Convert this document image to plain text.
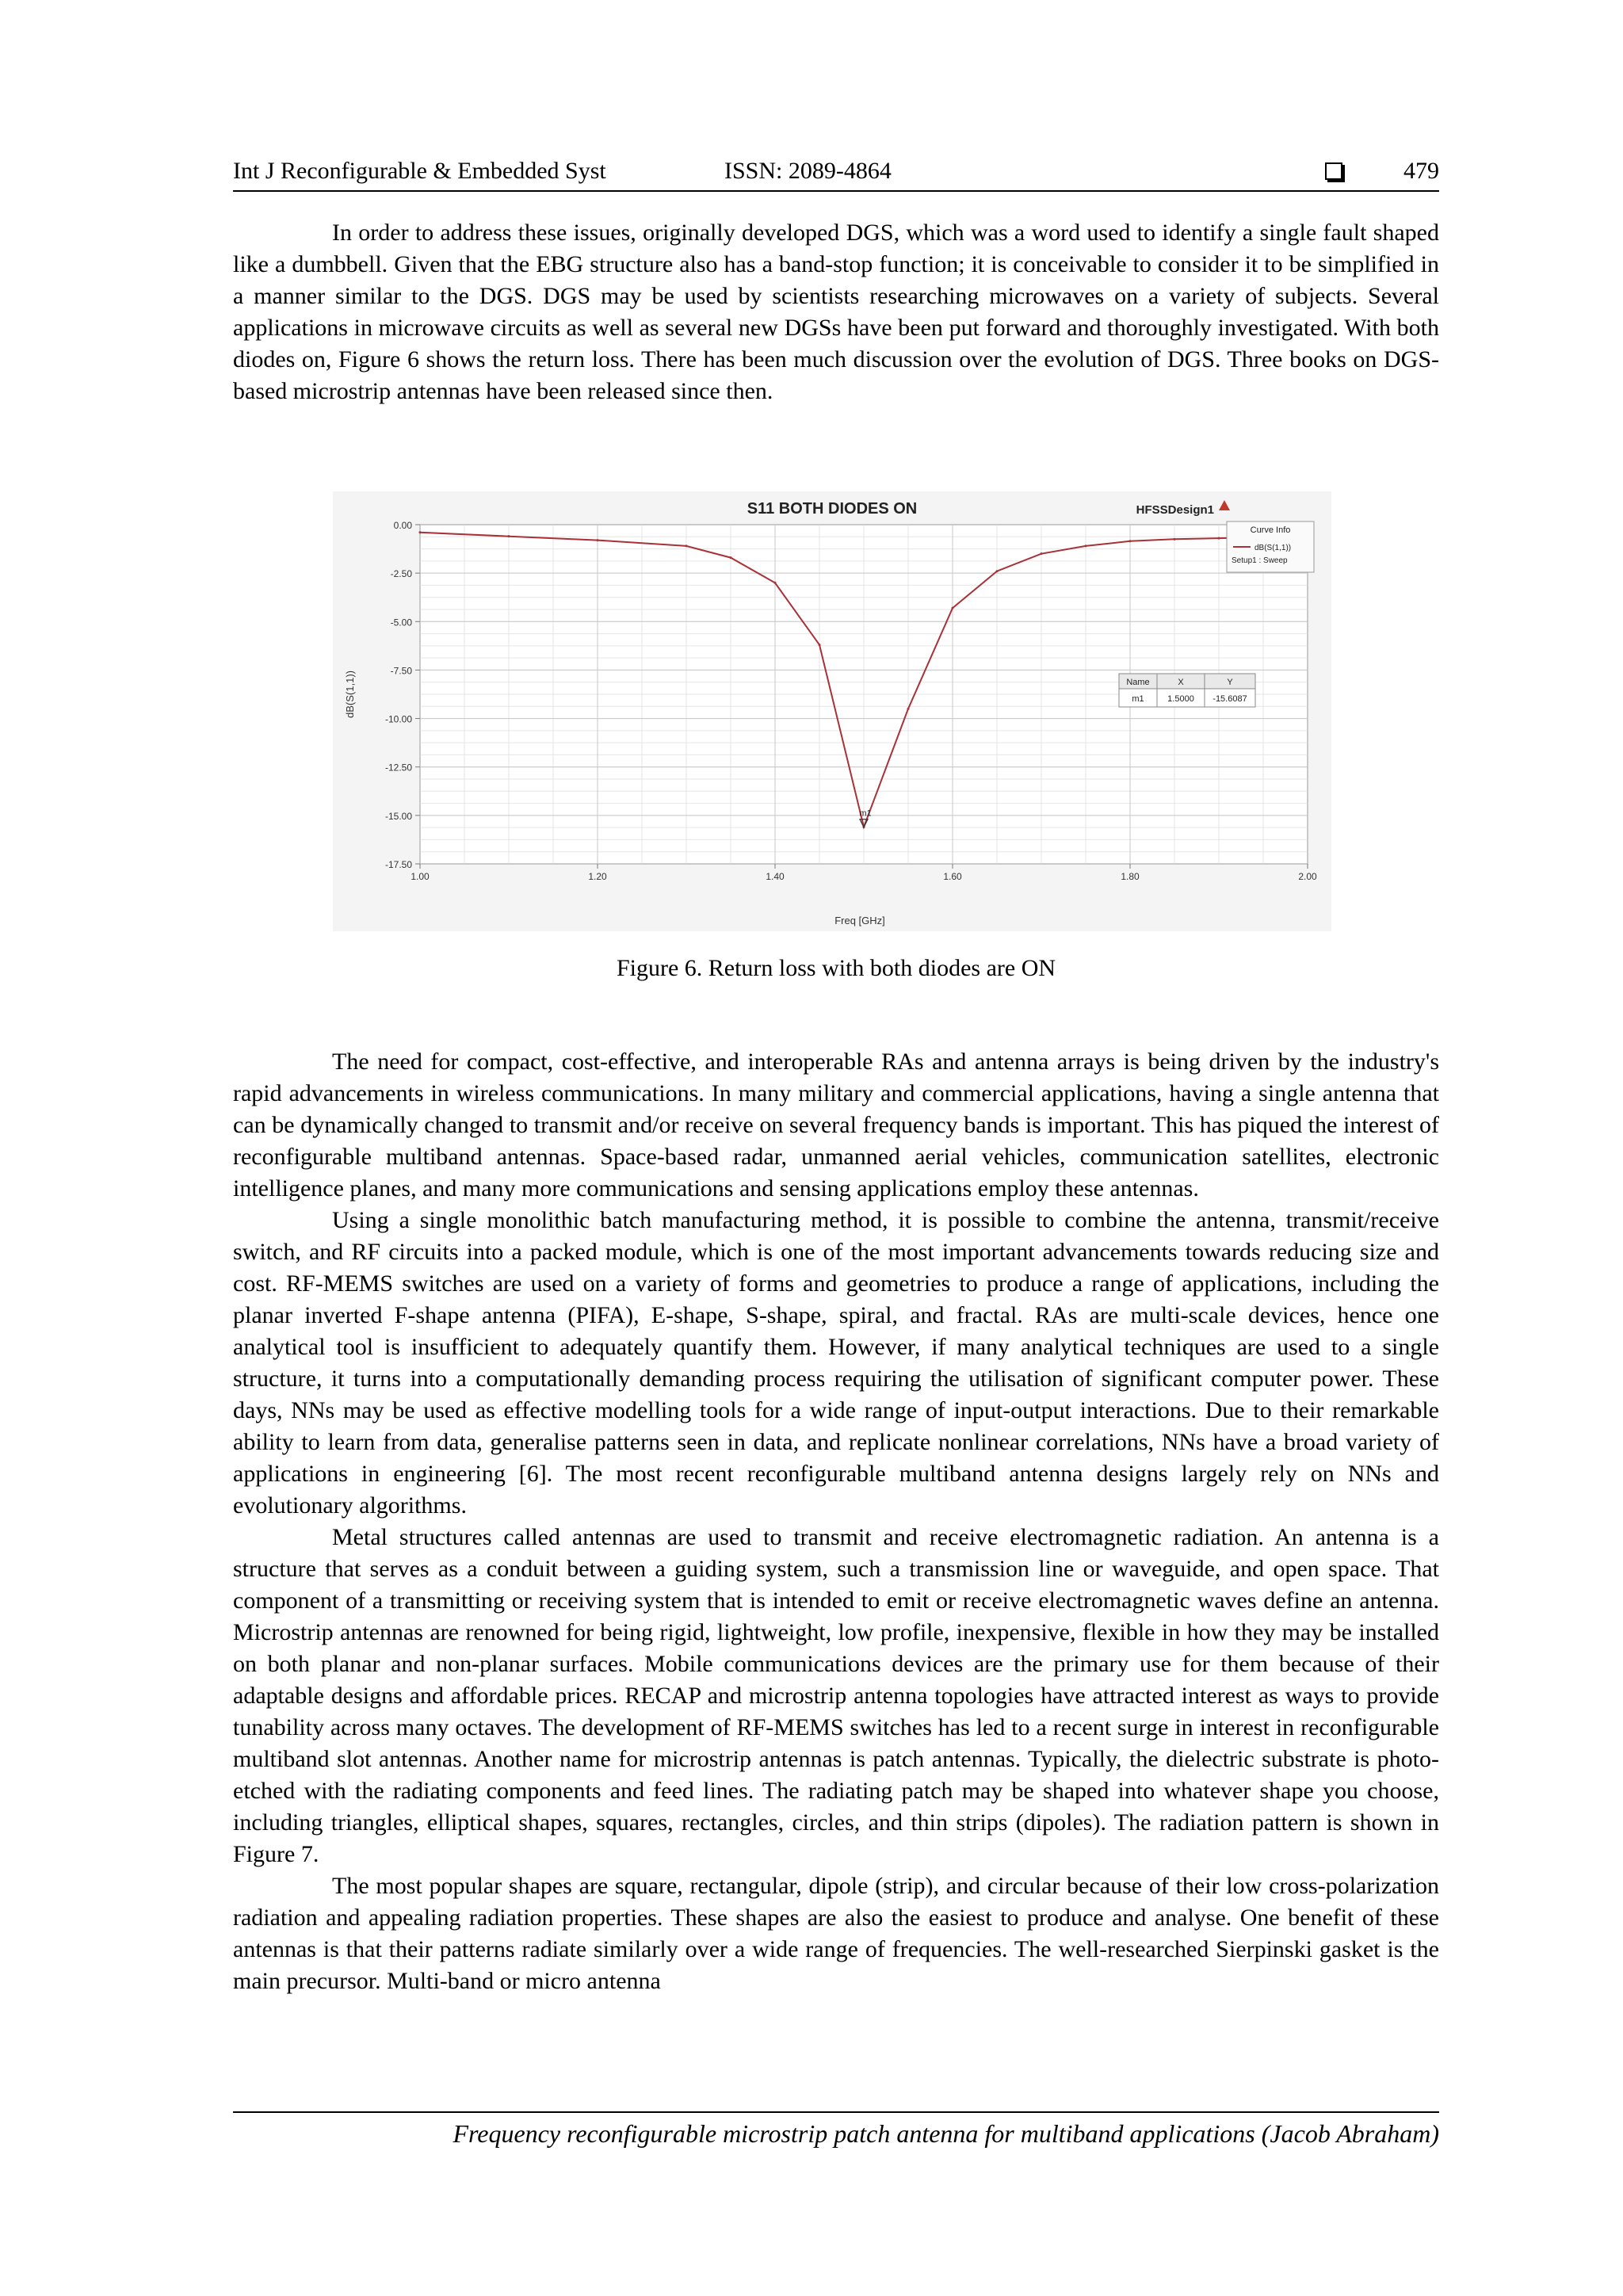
Int J Reconfigurable & Embedded Syst	ISSN: 2089-4864	479

In order to address these issues, originally developed DGS, which was a word used to identify a single fault shaped like a dumbbell. Given that the EBG structure also has a band-stop function; it is conceivable to consider it to be simplified in a manner similar to the DGS. DGS may be used by scientists researching microwaves on a variety of subjects. Several applications in microwave circuits as well as several new DGSs have been put forward and thoroughly investigated. With both diodes on, Figure 6 shows the return loss. There has been much discussion over the evolution of DGS. Three books on DGS-based microstrip antennas have been released since then.

0.00
-2.50
-5.00
-7.50
-10.00
-12.50
-15.00
-17.50
1.00	1.20	1.40	1.60	1.80	2.00
S11 BOTH DIODES ON
Freq [GHz]
dB(S(1,1))
m1
HFSSDesign1
Curve Info
dB(S(1,1))
Setup1 : Sweep
Name	X	Y
m1	1.5000 -15.6087
Figure 6. Return loss with both diodes are ON

The need for compact, cost-effective, and interoperable RAs and antenna arrays is being driven by the industry's rapid advancements in wireless communications. In many military and commercial applications, having a single antenna that can be dynamically changed to transmit and/or receive on several frequency bands is important. This has piqued the interest of reconfigurable multiband antennas. Space-based radar, unmanned aerial vehicles, communication satellites, electronic intelligence planes, and many more communications and sensing applications employ these antennas.

Using a single monolithic batch manufacturing method, it is possible to combine the antenna, transmit/receive switch, and RF circuits into a packed module, which is one of the most important advancements towards reducing size and cost. RF-MEMS switches are used on a variety of forms and geometries to produce a range of applications, including the planar inverted F-shape antenna (PIFA), E-shape, S-shape, spiral, and fractal. RAs are multi-scale devices, hence one analytical tool is insufficient to adequately quantify them. However, if many analytical techniques are used to a single structure, it turns into a computationally demanding process requiring the utilisation of significant computer power. These days, NNs may be used as effective modelling tools for a wide range of input-output interactions. Due to their remarkable ability to learn from data, generalise patterns seen in data, and replicate nonlinear correlations, NNs have a broad variety of applications in engineering [6]. The most recent reconfigurable multiband antenna designs largely rely on NNs and evolutionary algorithms.

Metal structures called antennas are used to transmit and receive electromagnetic radiation. An antenna is a structure that serves as a conduit between a guiding system, such a transmission line or waveguide, and open space. That component of a transmitting or receiving system that is intended to emit or receive electromagnetic waves define an antenna. Microstrip antennas are renowned for being rigid, lightweight, low profile, inexpensive, flexible in how they may be installed on both planar and non-planar surfaces. Mobile communications devices are the primary use for them because of their adaptable designs and affordable prices. RECAP and microstrip antenna topologies have attracted interest as ways to provide tunability across many octaves. The development of RF-MEMS switches has led to a recent surge in interest in reconfigurable multiband slot antennas. Another name for microstrip antennas is patch antennas. Typically, the dielectric substrate is photo-etched with the radiating components and feed lines. The radiating patch may be shaped into whatever shape you choose, including triangles, elliptical shapes, squares, rectangles, circles, and thin strips (dipoles). The radiation pattern is shown in Figure 7.

The most popular shapes are square, rectangular, dipole (strip), and circular because of their low cross-polarization radiation and appealing radiation properties. These shapes are also the easiest to produce and analyse. One benefit of these antennas is that their patterns radiate similarly over a wide range of frequencies. The well-researched Sierpinski gasket is the main precursor. Multi-band or micro antenna

Frequency reconfigurable microstrip patch antenna for multiband applications (Jacob Abraham)
